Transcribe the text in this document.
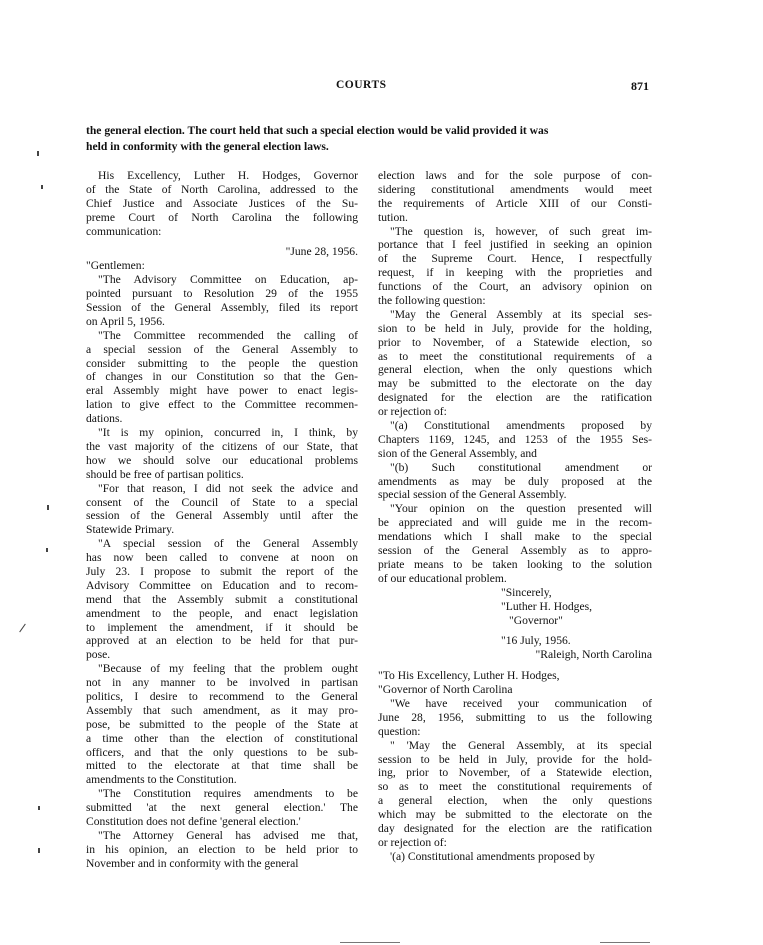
COURTS	871
the general election. The court held that such a special election would be valid provided it was
held in conformity with the general election laws.
His Excellency, Luther H. Hodges, Governor
of the State of North Carolina, addressed to the
Chief Justice and Associate Justices of the Su-
preme Court of North Carolina the following
communication:
"June 28, 1956.
"Gentlemen:
"The Advisory Committee on Education, ap-
pointed pursuant to Resolution 29 of the 1955
Session of the General Assembly, filed its report
on April 5, 1956.
"The Committee recommended the calling of
a special session of the General Assembly to
consider submitting to the people the question
of changes in our Constitution so that the Gen-
eral Assembly might have power to enact legis-
lation to give effect to the Committee recommen-
dations.
"It is my opinion, concurred in, I think, by
the vast majority of the citizens of our State, that
how we should solve our educational problems
should be free of partisan politics.
"For that reason, I did not seek the advice and
consent of the Council of State to a special
session of the General Assembly until after the
Statewide Primary.
"A special session of the General Assembly
has now been called to convene at noon on
July 23. I propose to submit the report of the
Advisory Committee on Education and to recom-
mend that the Assembly submit a constitutional
amendment to the people, and enact legislation
to implement the amendment, if it should be
approved at an election to be held for that pur-
pose.
"Because of my feeling that the problem ought
not in any manner to be involved in partisan
politics, I desire to recommend to the General
Assembly that such amendment, as it may pro-
pose, be submitted to the people of the State at
a time other than the election of constitutional
officers, and that the only questions to be sub-
mitted to the electorate at that time shall be
amendments to the Constitution.
"The Constitution requires amendments to be
submitted 'at the next general election.' The
Constitution does not define 'general election.'
"The Attorney General has advised me that,
in his opinion, an election to be held prior to
November and in conformity with the general
election laws and for the sole purpose of con-
sidering constitutional amendments would meet
the requirements of Article XIII of our Consti-
tution.
"The question is, however, of such great im-
portance that I feel justified in seeking an opinion
of the Supreme Court. Hence, I respectfully
request, if in keeping with the proprieties and
functions of the Court, an advisory opinion on
the following question:
"May the General Assembly at its special ses-
sion to be held in July, provide for the holding,
prior to November, of a Statewide election, so
as to meet the constitutional requirements of a
general election, when the only questions which
may be submitted to the electorate on the day
designated for the election are the ratification
or rejection of:
"(a) Constitutional amendments proposed by
Chapters 1169, 1245, and 1253 of the 1955 Ses-
sion of the General Assembly, and
"(b) Such constitutional amendment or
amendments as may be duly proposed at the
special session of the General Assembly.
"Your opinion on the question presented will
be appreciated and will guide me in the recom-
mendations which I shall make to the special
session of the General Assembly as to appro-
priate means to be taken looking to the solution
of our educational problem.
"Sincerely,
"Luther H. Hodges,
"Governor"
"16 July, 1956.
"Raleigh, North Carolina
"To His Excellency, Luther H. Hodges,
"Governor of North Carolina
"We have received your communication of
June 28, 1956, submitting to us the following
question:
" 'May the General Assembly, at its special
session to be held in July, provide for the hold-
ing, prior to November, of a Statewide election,
so as to meet the constitutional requirements of
a general election, when the only questions
which may be submitted to the electorate on the
day designated for the election are the ratification
or rejection of:
'(a) Constitutional amendments proposed by
